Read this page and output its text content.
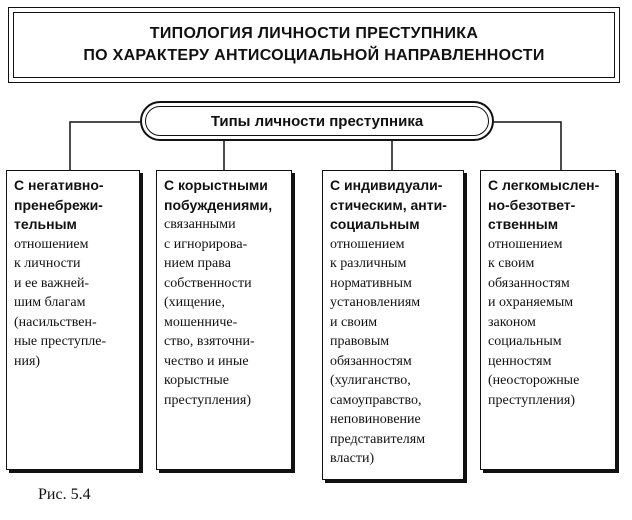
ТИПОЛОГИЯ ЛИЧНОСТИ ПРЕСТУПНИКА
ПО ХАРАКТЕРУ АНТИСОЦИАЛЬНОЙ НАПРАВЛЕННОСТИ
Типы личности преступника
С негативно-
пренебрежи-
тельным
отношением
к личности
и ее важней-
шим благам
(насильствен-
ные преступле-
ния)
С корыстными
побуждениями,
связанными
с игнорирова-
нием права
собственности
(хищение,
мошенниче-
ство, взяточни-
чество и иные
корыстные
преступления)
С индивидуали-
стическим, анти-
социальным
отношением
к различным
нормативным
установлениям
и своим
правовым
обязанностям
(хулиганство,
самоуправство,
неповиновение
представителям
власти)
С легкомыслен-
но-безответ-
ственным
отношением
к своим
обязанностям
и охраняемым
законом
социальным
ценностям
(неосторожные
преступления)
Рис. 5.4
